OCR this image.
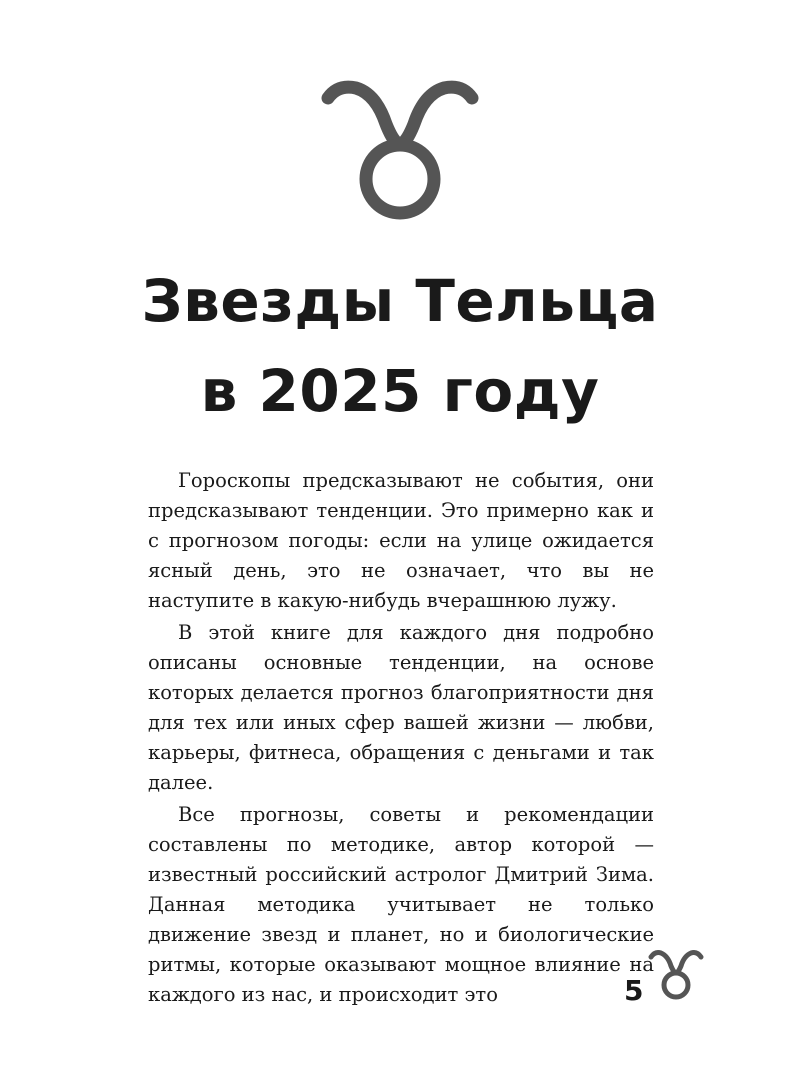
Звезды Тельца
в 2025 году

Гороскопы предсказывают не события, они предсказывают тенденции. Это примерно как и с прогнозом погоды: если на улице ожидается ясный день, это не означает, что вы не наступите в какую-нибудь вчерашнюю лужу.

В этой книге для каждого дня подробно описаны основные тенденции, на основе которых делается прогноз благоприятности дня для тех или иных сфер вашей жизни — любви, карьеры, фитнеса, обращения с деньгами и так далее.

Все прогнозы, советы и рекомендации составлены по методике, автор которой — известный российский астролог Дмитрий Зима. Данная методика учитывает не только движение звезд и планет, но и биологические ритмы, которые оказывают мощное влияние на каждого из нас, и происходит это	5
